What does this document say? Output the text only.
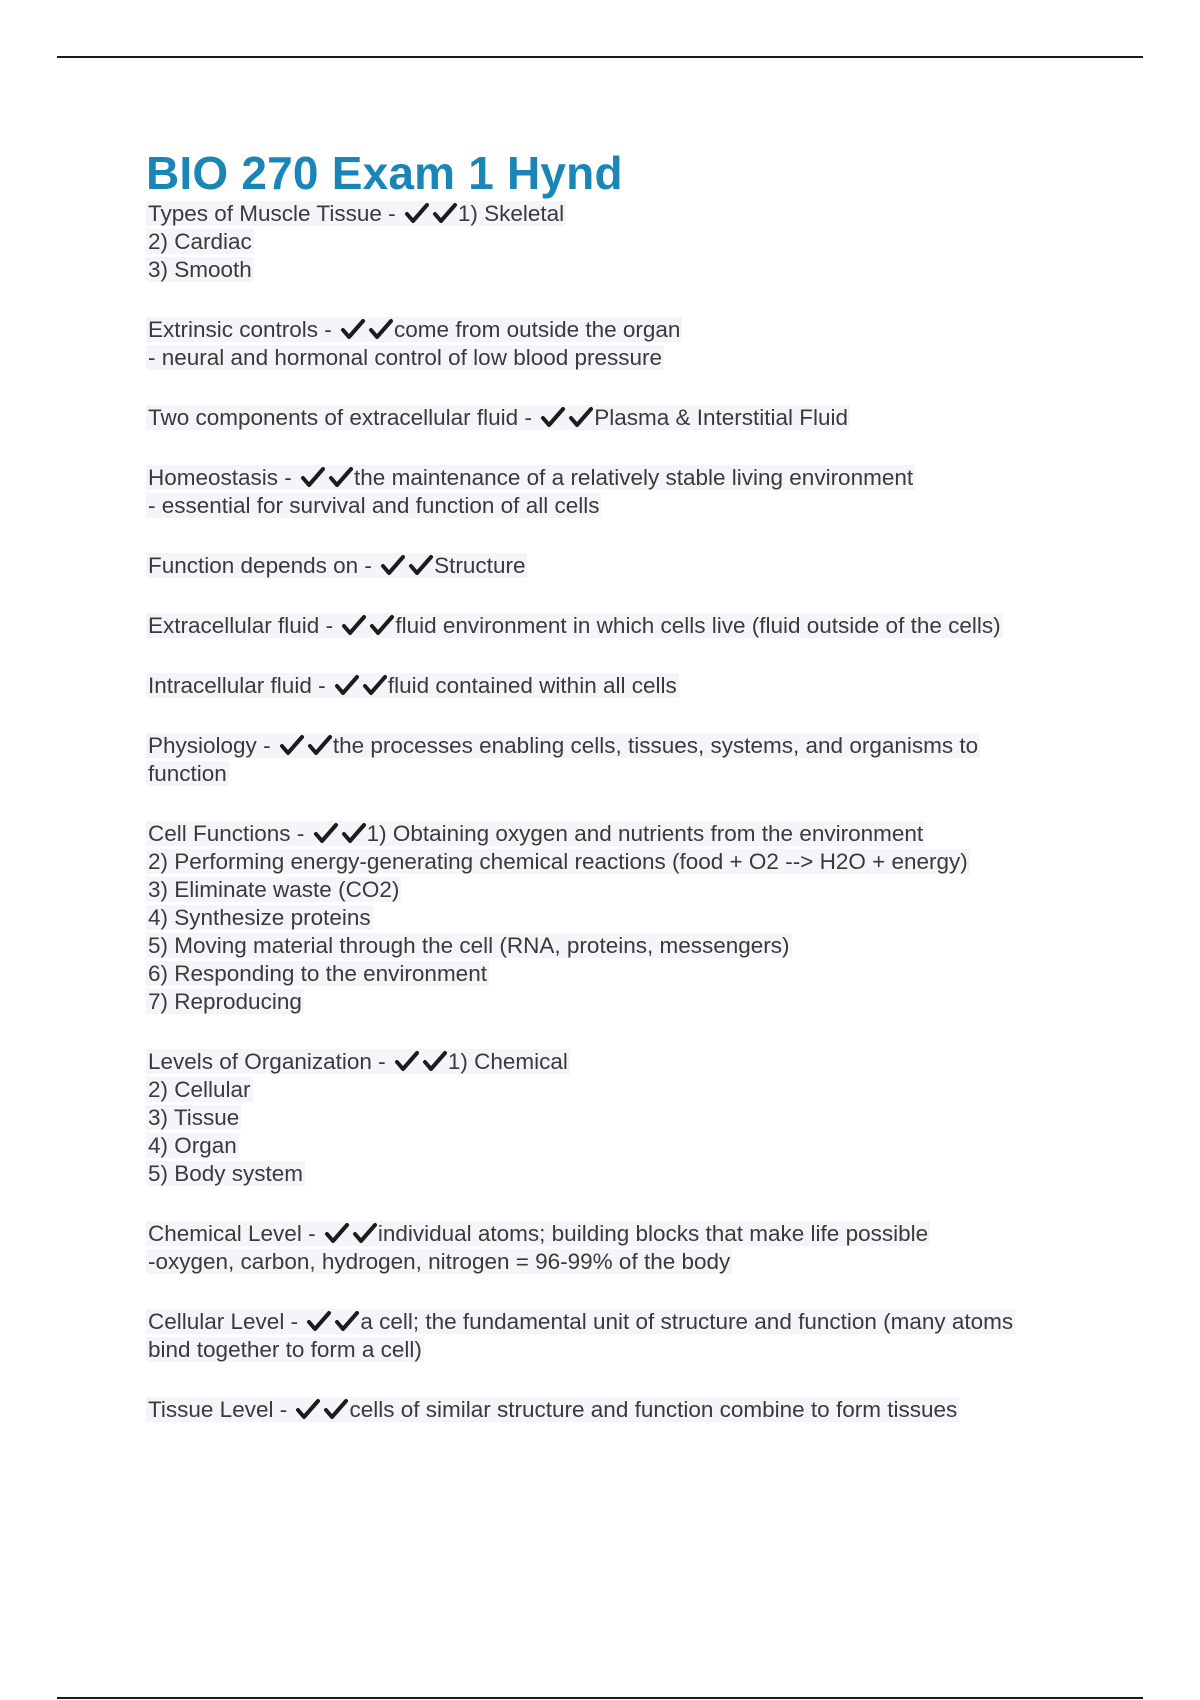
BIO 270 Exam 1 Hynd
Types of Muscle Tissue -
1) Skeletal
2) Cardiac
3) Smooth
Extrinsic controls -
come from outside the organ
- neural and hormonal control of low blood pressure
Two components of extracellular fluid -
Plasma & Interstitial Fluid
Homeostasis -
the maintenance of a relatively stable living environment
- essential for survival and function of all cells
Function depends on -
Structure
Extracellular fluid -
fluid environment in which cells live (fluid outside of the cells)
Intracellular fluid -
fluid contained within all cells
Physiology -
the processes enabling cells, tissues, systems, and organisms to
function
Cell Functions -
1) Obtaining oxygen and nutrients from the environment
2) Performing energy-generating chemical reactions (food + O2 --> H2O + energy)
3) Eliminate waste (CO2)
4) Synthesize proteins
5) Moving material through the cell (RNA, proteins, messengers)
6) Responding to the environment
7) Reproducing
Levels of Organization -
1) Chemical
2) Cellular
3) Tissue
4) Organ
5) Body system
Chemical Level -
individual atoms; building blocks that make life possible
-oxygen, carbon, hydrogen, nitrogen = 96-99% of the body
Cellular Level -
a cell; the fundamental unit of structure and function (many atoms
bind together to form a cell)
Tissue Level -
cells of similar structure and function combine to form tissues
